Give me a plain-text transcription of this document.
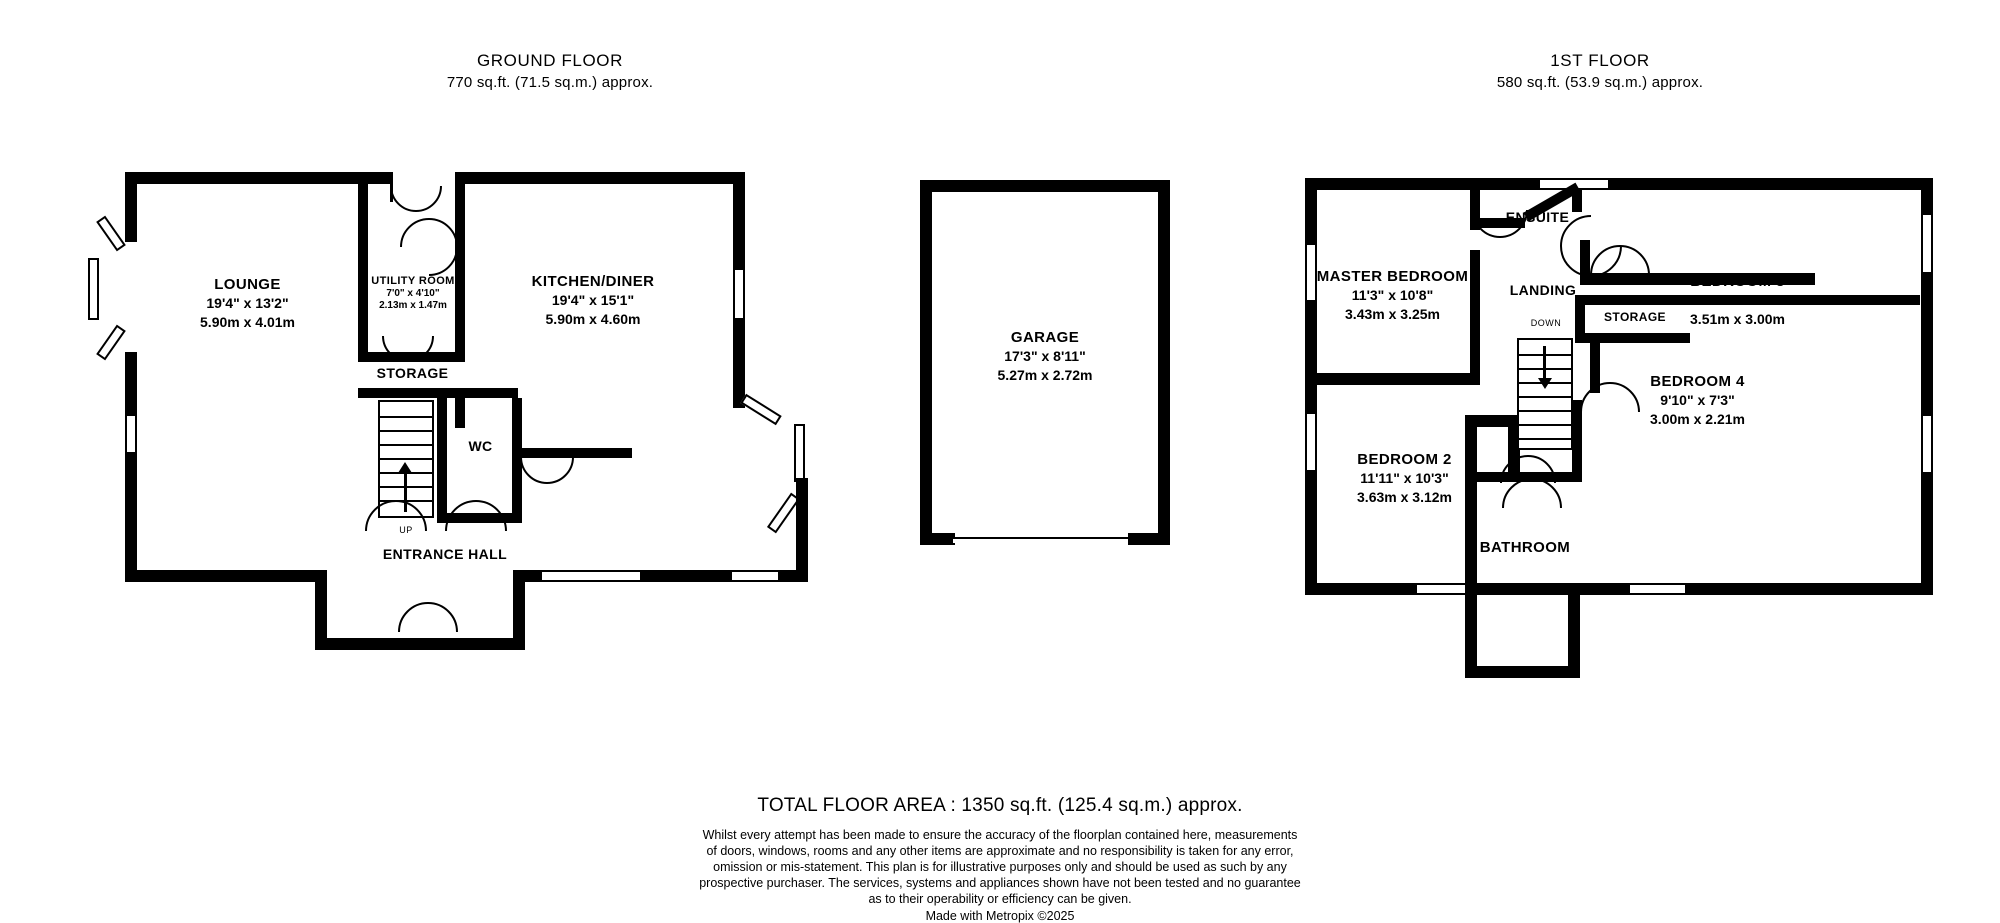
GROUND FLOOR
770 sq.ft. (71.5 sq.m.) approx.
1ST FLOOR
580 sq.ft. (53.9 sq.m.) approx.
UP
LOUNGE
19'4" x 13'2"
5.90m x 4.01m
UTILITY ROOM
7'0" x 4'10"
2.13m x 1.47m
KITCHEN/DINER
19'4" x 15'1"
5.90m x 4.60m
STORAGE
WC
ENTRANCE HALL
GARAGE
17'3" x 8'11"
5.27m x 2.72m
DOWN
MASTER BEDROOM
11'3" x 10'8"
3.43m x 3.25m
ENSUITE
LANDING	BEDROOM 3
11'6" x 9'10"
3.51m x 3.00m
STORAGE
BEDROOM 2
11'11" x 10'3"
3.63m x 3.12m
BEDROOM 4
9'10" x 7'3"
3.00m x 2.21m
BATHROOM
TOTAL FLOOR AREA : 1350 sq.ft. (125.4 sq.m.) approx.
Whilst every attempt has been made to ensure the accuracy of the floorplan contained here, measurements
of doors, windows, rooms and any other items are approximate and no responsibility is taken for any error,
omission or mis-statement. This plan is for illustrative purposes only and should be used as such by any
prospective purchaser. The services, systems and appliances shown have not been tested and no guarantee
as to their operability or efficiency can be given.
Made with Metropix ©2025
